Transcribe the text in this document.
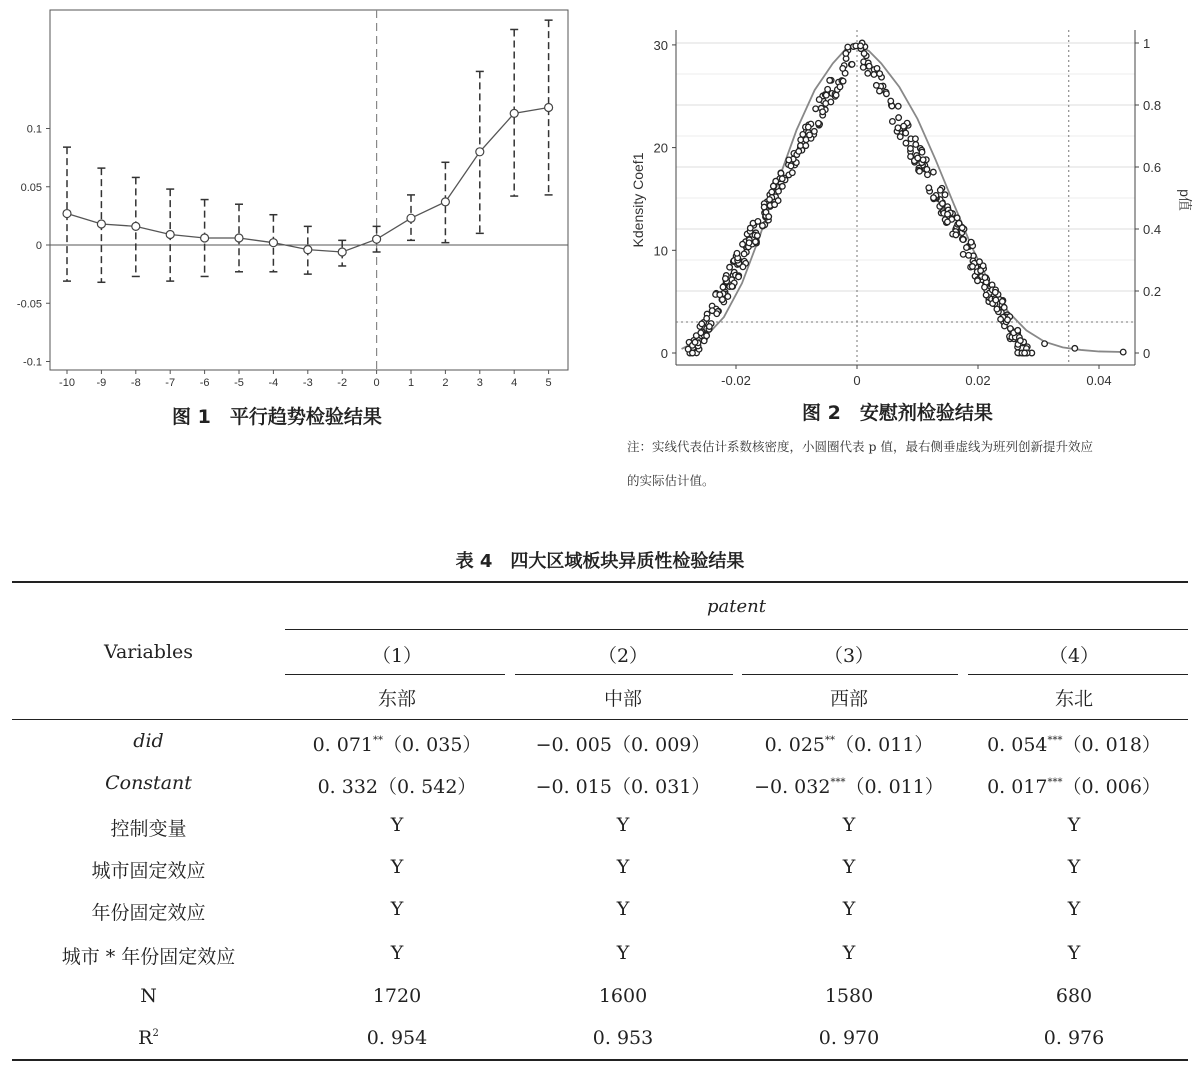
0.1
0.05
0
-0.05
-0.1
-10 -9 -8 -7 -6 -5 -4 -3 -2 0	1	2	3	4	5
图 1　平行趋势检验结果
30
20
10
0
1
0.8
0.6
0.4
0.2
0
-0.02	0	0.02	0.04
Kdensity Coef1	p值
图 2　安慰剂检验结果
注：实线代表估计系数核密度，小圆圈代表 p 值，最右侧垂虚线为班列创新提升效应
的实际估计值。
表 4　四大区域板块异质性检验结果
patent
Variables	（1）	（2）	（3）	（4）
东部	中部	西部	东北
did	0. 071**（0. 035）	−0. 005（0. 009）	0. 025**（0. 011）	0. 054***（0. 018）
Constant	0. 332（0. 542）	−0. 015（0. 031）	−0. 032***（0. 011）	0. 017***（0. 006）
控制变量	Y	Y	Y	Y
城市固定效应	Y	Y	Y	Y
年份固定效应	Y	Y	Y	Y
城市 * 年份固定效应	Y	Y	Y	Y
N	1720	1600	1580	680
$R^2$	0. 954	0. 953	0. 970	0. 976
